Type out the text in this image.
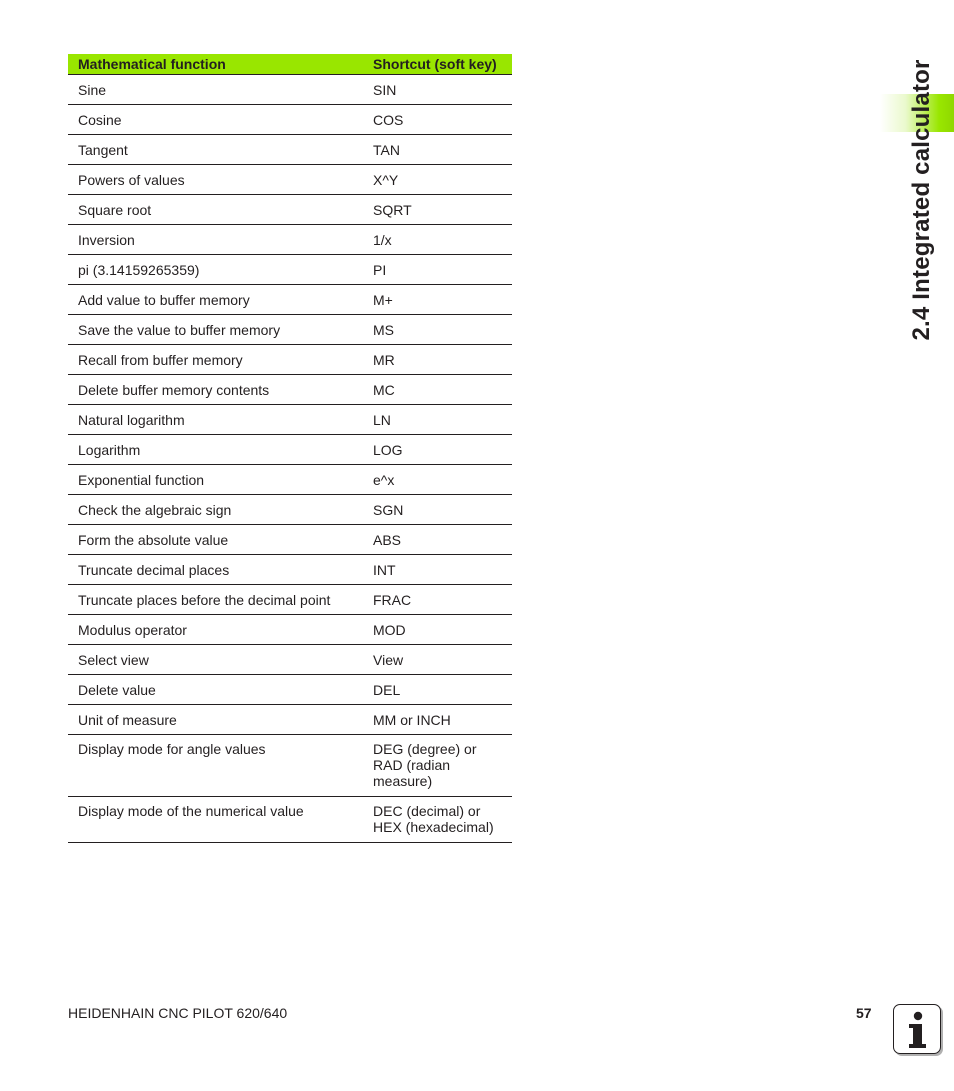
Mathematical function	Shortcut (soft key)
Sine	SIN
Cosine	COS
Tangent	TAN
Powers of values	X^Y
Square root	SQRT
Inversion	1/x
pi (3.14159265359)	PI
Add value to buffer memory	M+
Save the value to buffer memory	MS
Recall from buffer memory	MR
Delete buffer memory contents	MC
Natural logarithm	LN
Logarithm	LOG
Exponential function	e^x
Check the algebraic sign	SGN
Form the absolute value	ABS
Truncate decimal places	INT
Truncate places before the decimal point	FRAC
Modulus operator	MOD
Select view	View
Delete value	DEL
Unit of measure	MM or INCH
Display mode for angle values	DEG (degree) or RAD (radian measure)
Display mode of the numerical value	DEC (decimal) or HEX (hexadecimal)
2.4 Integrated calculator
HEIDENHAIN CNC PILOT 620/640	57
